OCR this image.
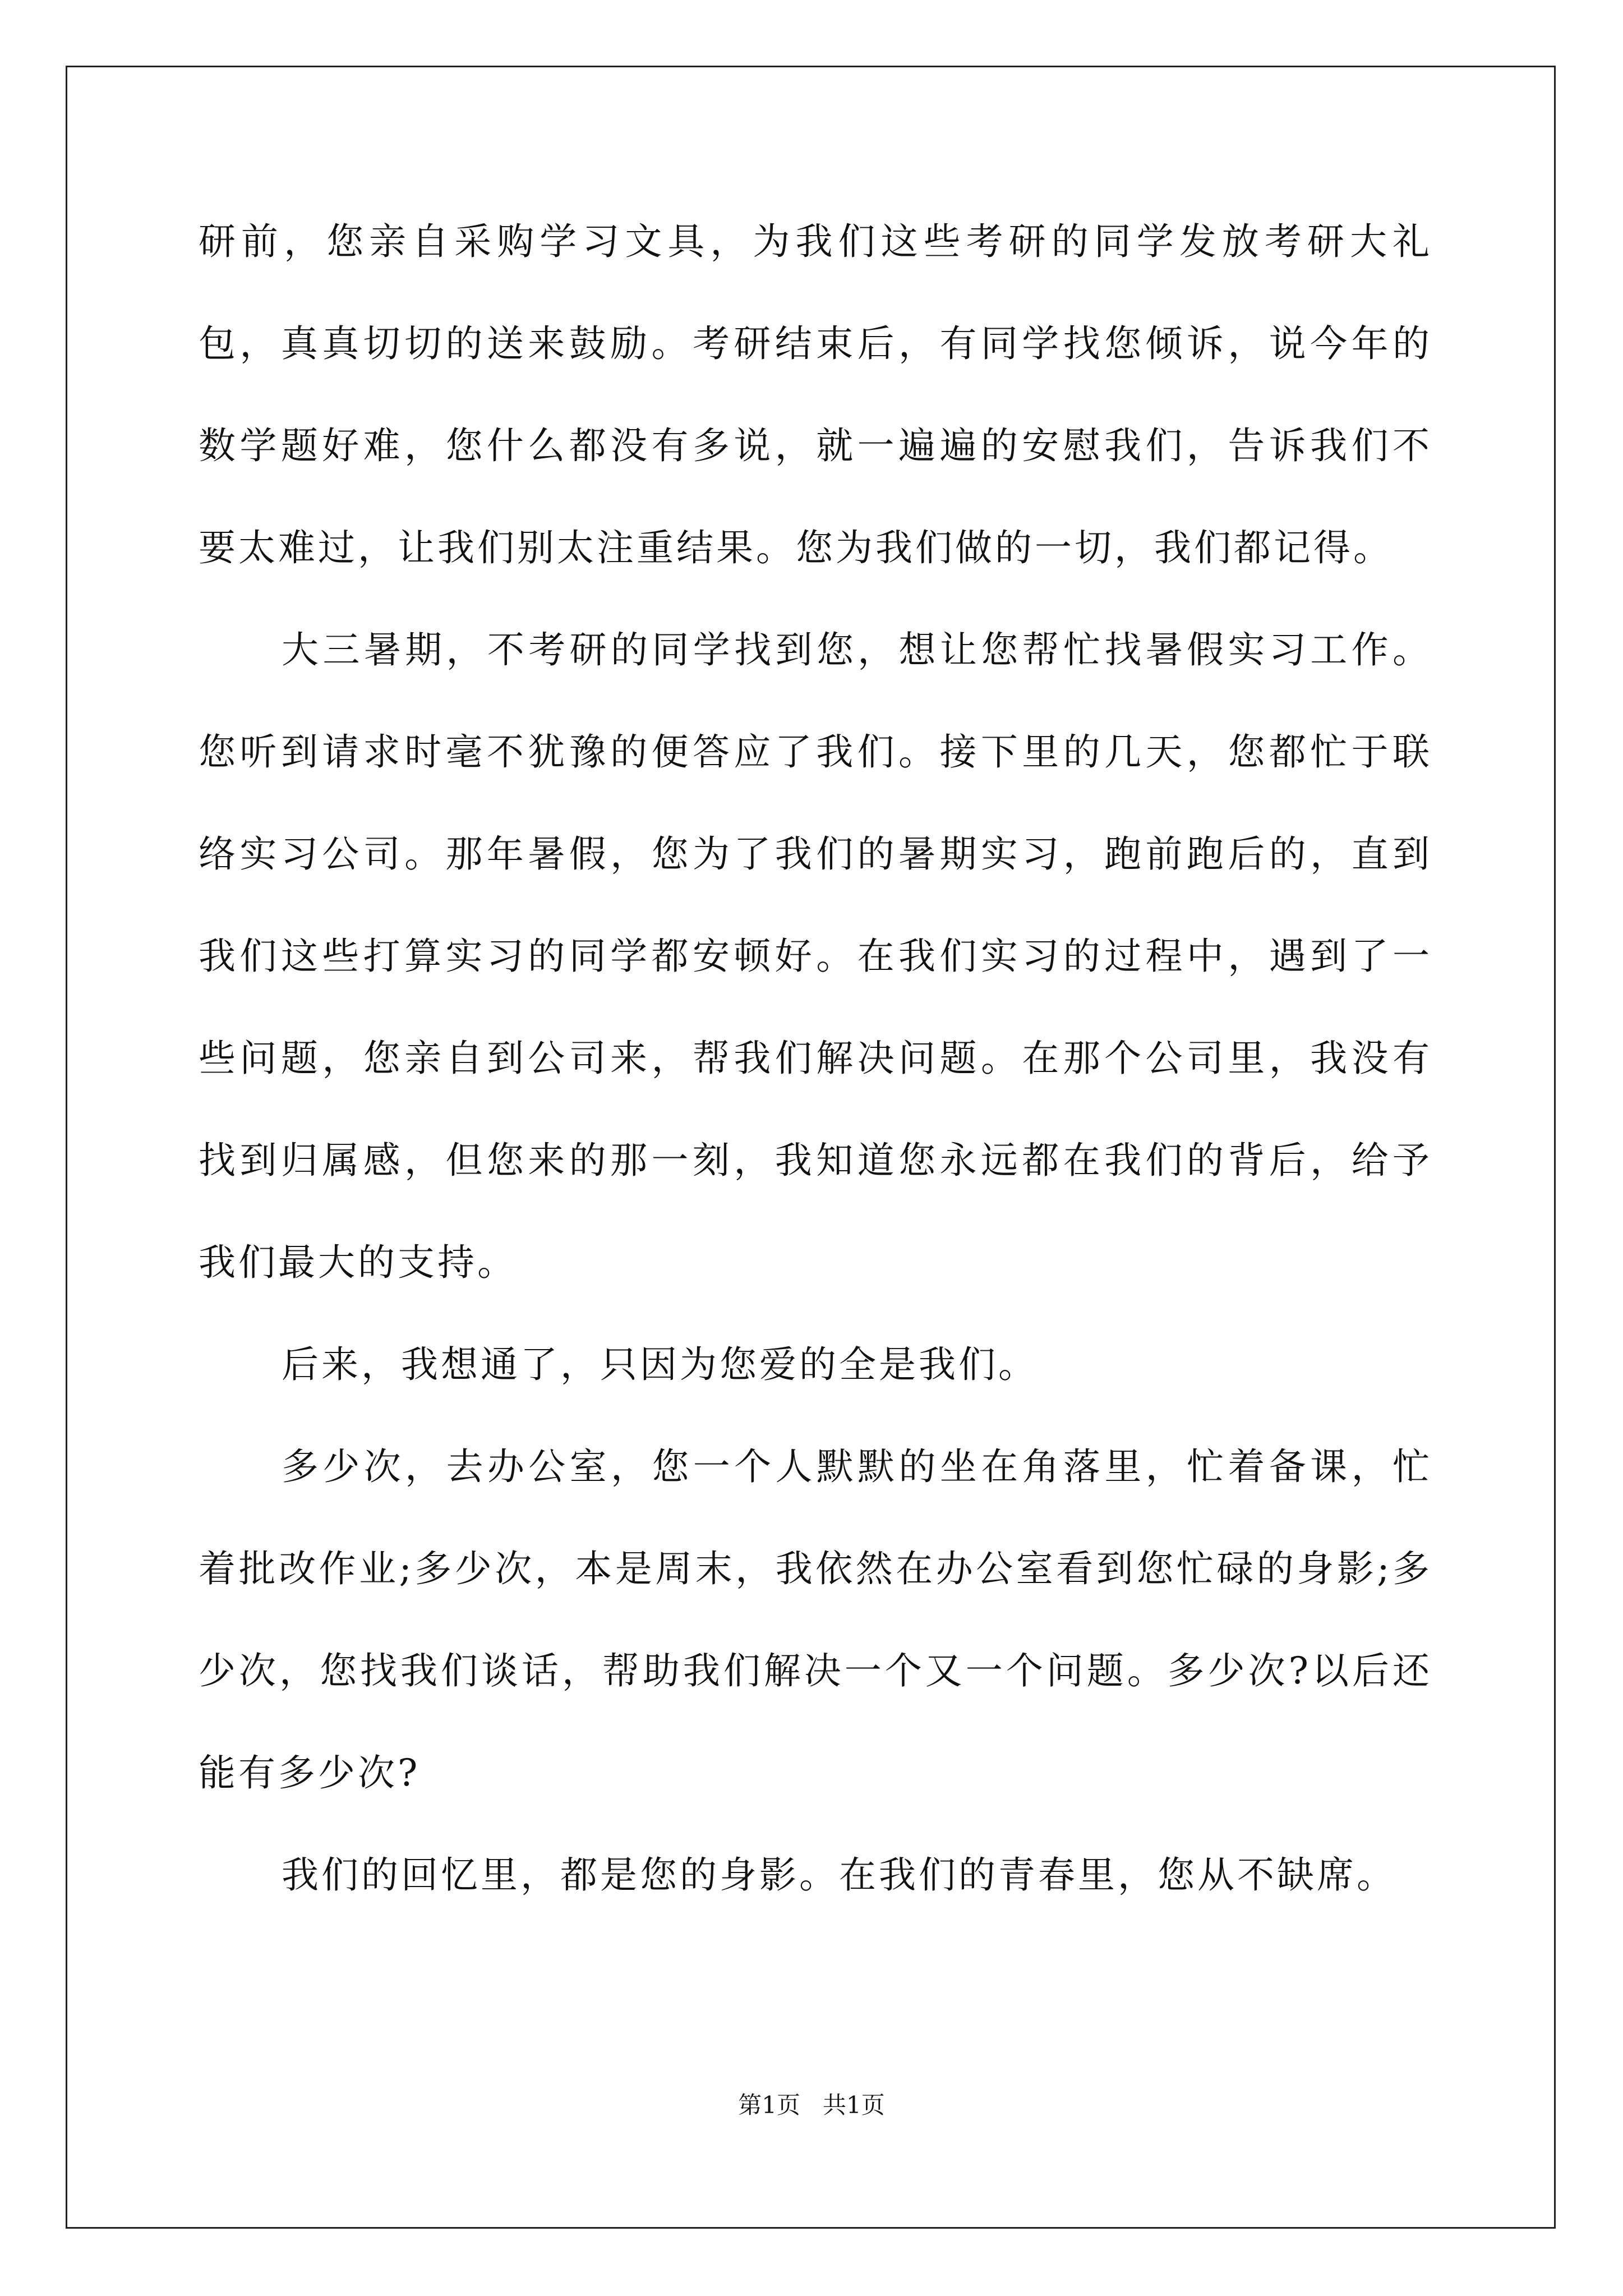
研前，您亲自采购学习文具，为我们这些考研的同学发放考研大礼包，真真切切的送来鼓励。考研结束后，有同学找您倾诉，说今年的数学题好难，您什么都没有多说，就一遍遍的安慰我们，告诉我们不要太难过，让我们别太注重结果。您为我们做的一切，我们都记得。

大三暑期，不考研的同学找到您，想让您帮忙找暑假实习工作。您听到请求时毫不犹豫的便答应了我们。接下里的几天，您都忙于联络实习公司。那年暑假，您为了我们的暑期实习，跑前跑后的，直到我们这些打算实习的同学都安顿好。在我们实习的过程中，遇到了一些问题，您亲自到公司来，帮我们解决问题。在那个公司里，我没有找到归属感，但您来的那一刻，我知道您永远都在我们的背后，给予我们最大的支持。

后来，我想通了，只因为您爱的全是我们。

多少次，去办公室，您一个人默默的坐在角落里，忙着备课，忙着批改作业;多少次，本是周末，我依然在办公室看到您忙碌的身影;多少次，您找我们谈话，帮助我们解决一个又一个问题。多少次?以后还能有多少次?

我们的回忆里，都是您的身影。在我们的青春里，您从不缺席。

第1页   共1页
